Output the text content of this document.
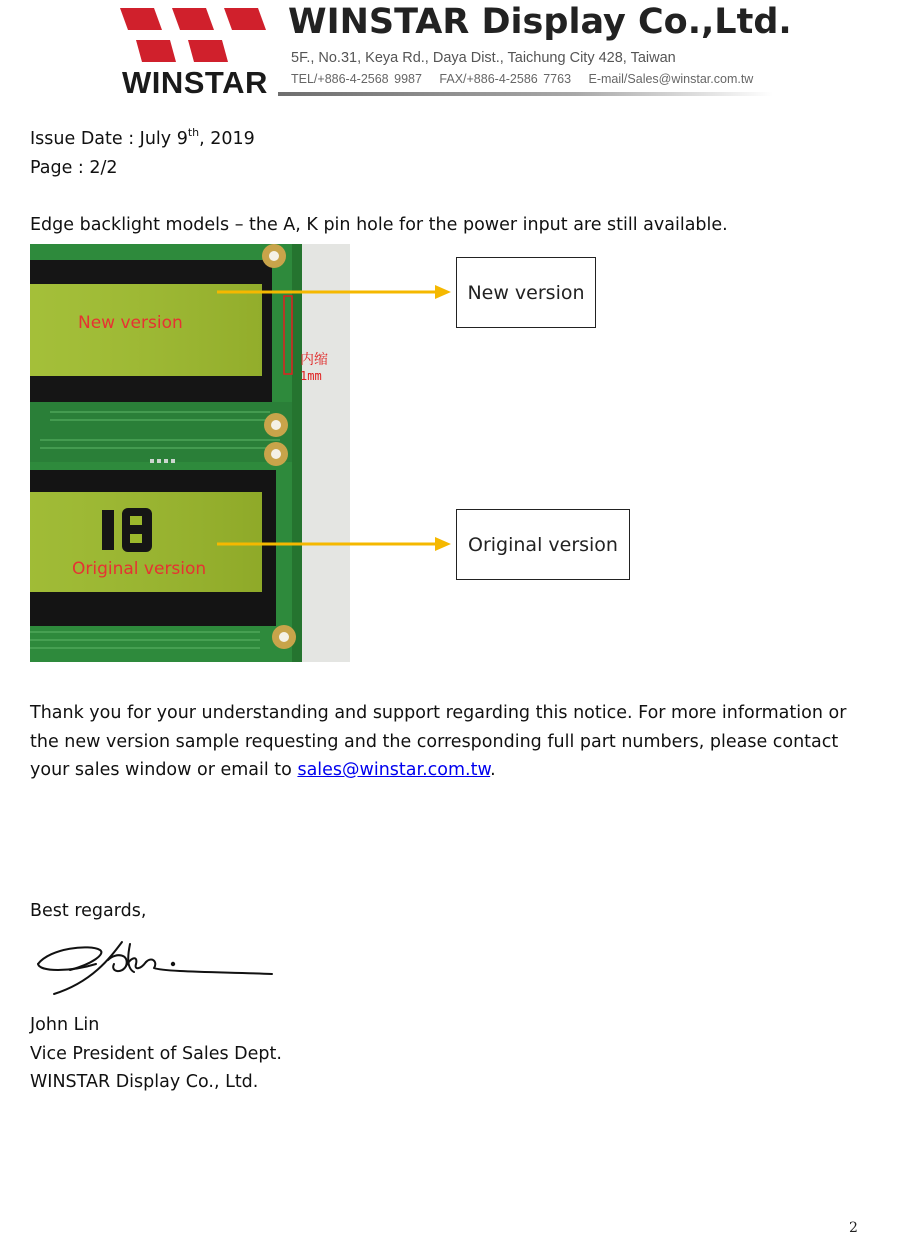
WINSTAR
WINSTAR Display Co.,Ltd.
5F., No.31, Keya Rd., Daya Dist., Taichung City 428, Taiwan
TEL/+886-4-2568 9987 FAX/+886-4-2586 7763 E-mail/Sales@winstar.com.tw
Issue Date : July 9th, 2019
Page : 2/2
Edge backlight models – the A, K pin hole for the power input are still available.
New version
Original version
内缩
1mm
New version
Original version
Thank you for your understanding and support regarding this notice. For more information or the new version sample requesting and the corresponding full part numbers, please contact your sales window or email to sales@winstar.com.tw.
Best regards,
John Lin
Vice President of Sales Dept.
WINSTAR Display Co., Ltd.
2
